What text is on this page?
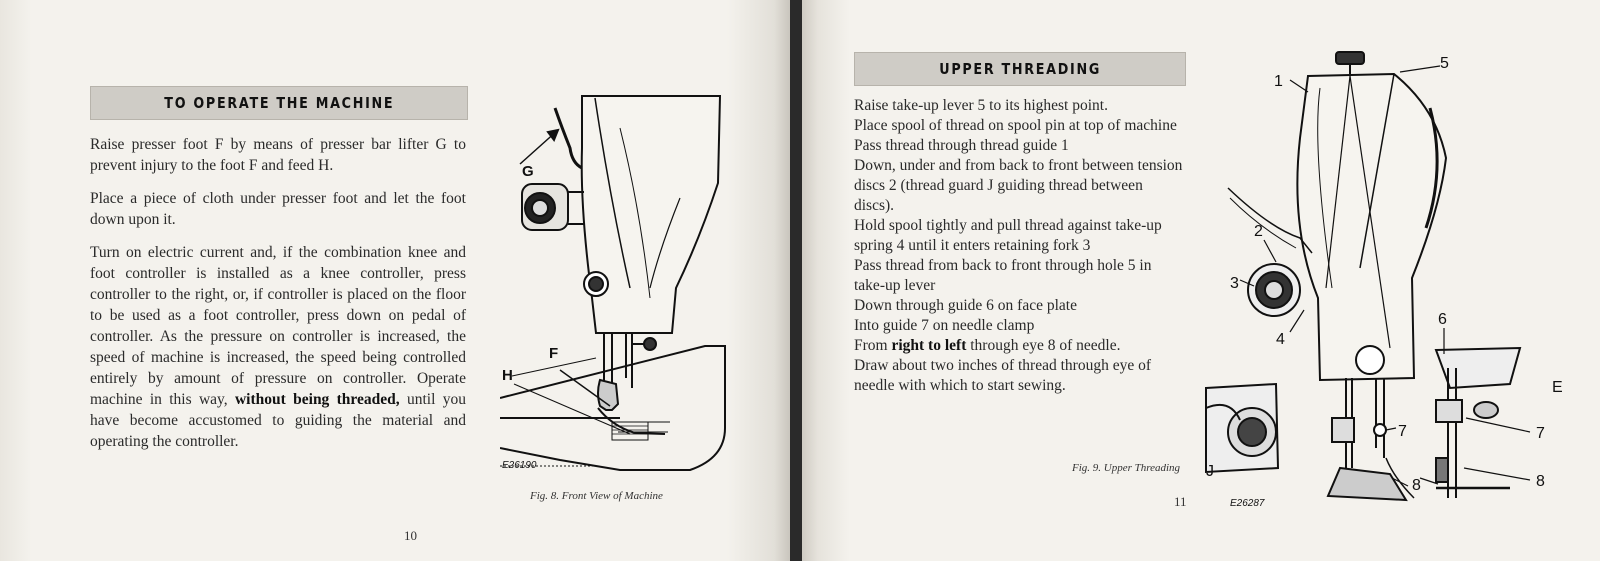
TO OPERATE THE MACHINE

Raise presser foot F by means of presser bar lifter G to prevent injury to the foot F and feed H.

Place a piece of cloth under presser foot and let the foot down upon it.

Turn on electric current and, if the combination knee and foot controller is installed as a knee controller, press controller to the right, or, if controller is placed on the floor to be used as a foot controller, press down on pedal of controller. As the pressure on controller is increased, the speed of machine is increased, the speed being controlled entirely by amount of pressure on controller. Operate machine in this way, without being threaded, until you have become accustomed to guiding the material and operating the controller.

G
F
H
E26190
Fig. 8. Front View of Machine
10
UPPER THREADING
Raise take-up lever 5 to its highest point.
Place spool of thread on spool pin at top of machine
Pass thread through thread guide 1
Down, under and from back to front between tension discs 2 (thread guard J guiding thread between discs).
Hold spool tightly and pull thread against take-up spring 4 until it enters retaining fork 3
Pass thread from back to front through hole 5 in take-up lever
Down through guide 6 on face plate
Into guide 7 on needle clamp
From right to left through eye 8 of needle.
Draw about two inches of thread through eye of needle with which to start sewing.
Fig. 9. Upper Threading
11
1
5
2
3
4
6
7	7
8	8
E
J
E26287
